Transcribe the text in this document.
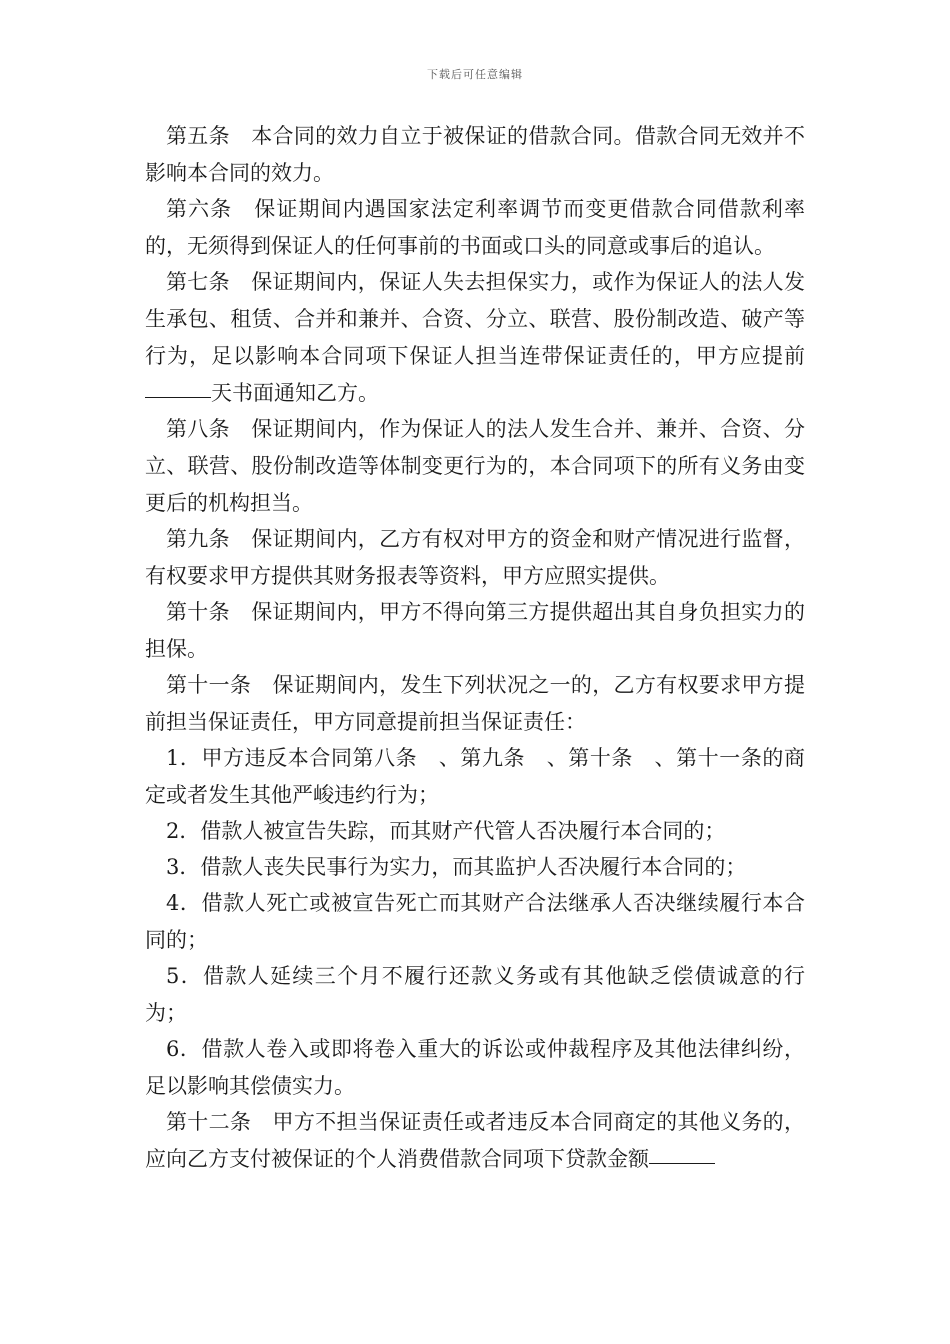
下载后可任意编辑

第五条　本合同的效力自立于被保证的借款合同。借款合同无效并不影响本合同的效力。

第六条　保证期间内遇国家法定利率调节而变更借款合同借款利率的，无须得到保证人的任何事前的书面或口头的同意或事后的追认。

第七条　保证期间内，保证人失去担保实力，或作为保证人的法人发生承包、租赁、合并和兼并、合资、分立、联营、股份制改造、破产等行为，足以影响本合同项下保证人担当连带保证责任的，甲方应提前天书面通知乙方。

第八条　保证期间内，作为保证人的法人发生合并、兼并、合资、分立、联营、股份制改造等体制变更行为的，本合同项下的所有义务由变更后的机构担当。

第九条　保证期间内，乙方有权对甲方的资金和财产情况进行监督，有权要求甲方提供其财务报表等资料，甲方应照实提供。

第十条　保证期间内，甲方不得向第三方提供超出其自身负担实力的担保。

第十一条　保证期间内，发生下列状况之一的，乙方有权要求甲方提前担当保证责任，甲方同意提前担当保证责任：

1．甲方违反本合同第八条　、第九条　、第十条　、第十一条的商定或者发生其他严峻违约行为；

2．借款人被宣告失踪，而其财产代管人否决履行本合同的；

3．借款人丧失民事行为实力，而其监护人否决履行本合同的；

4．借款人死亡或被宣告死亡而其财产合法继承人否决继续履行本合同的；

5．借款人延续三个月不履行还款义务或有其他缺乏偿债诚意的行为；

6．借款人卷入或即将卷入重大的诉讼或仲裁程序及其他法律纠纷，足以影响其偿债实力。

第十二条　甲方不担当保证责任或者违反本合同商定的其他义务的，应向乙方支付被保证的个人消费借款合同项下贷款金额
